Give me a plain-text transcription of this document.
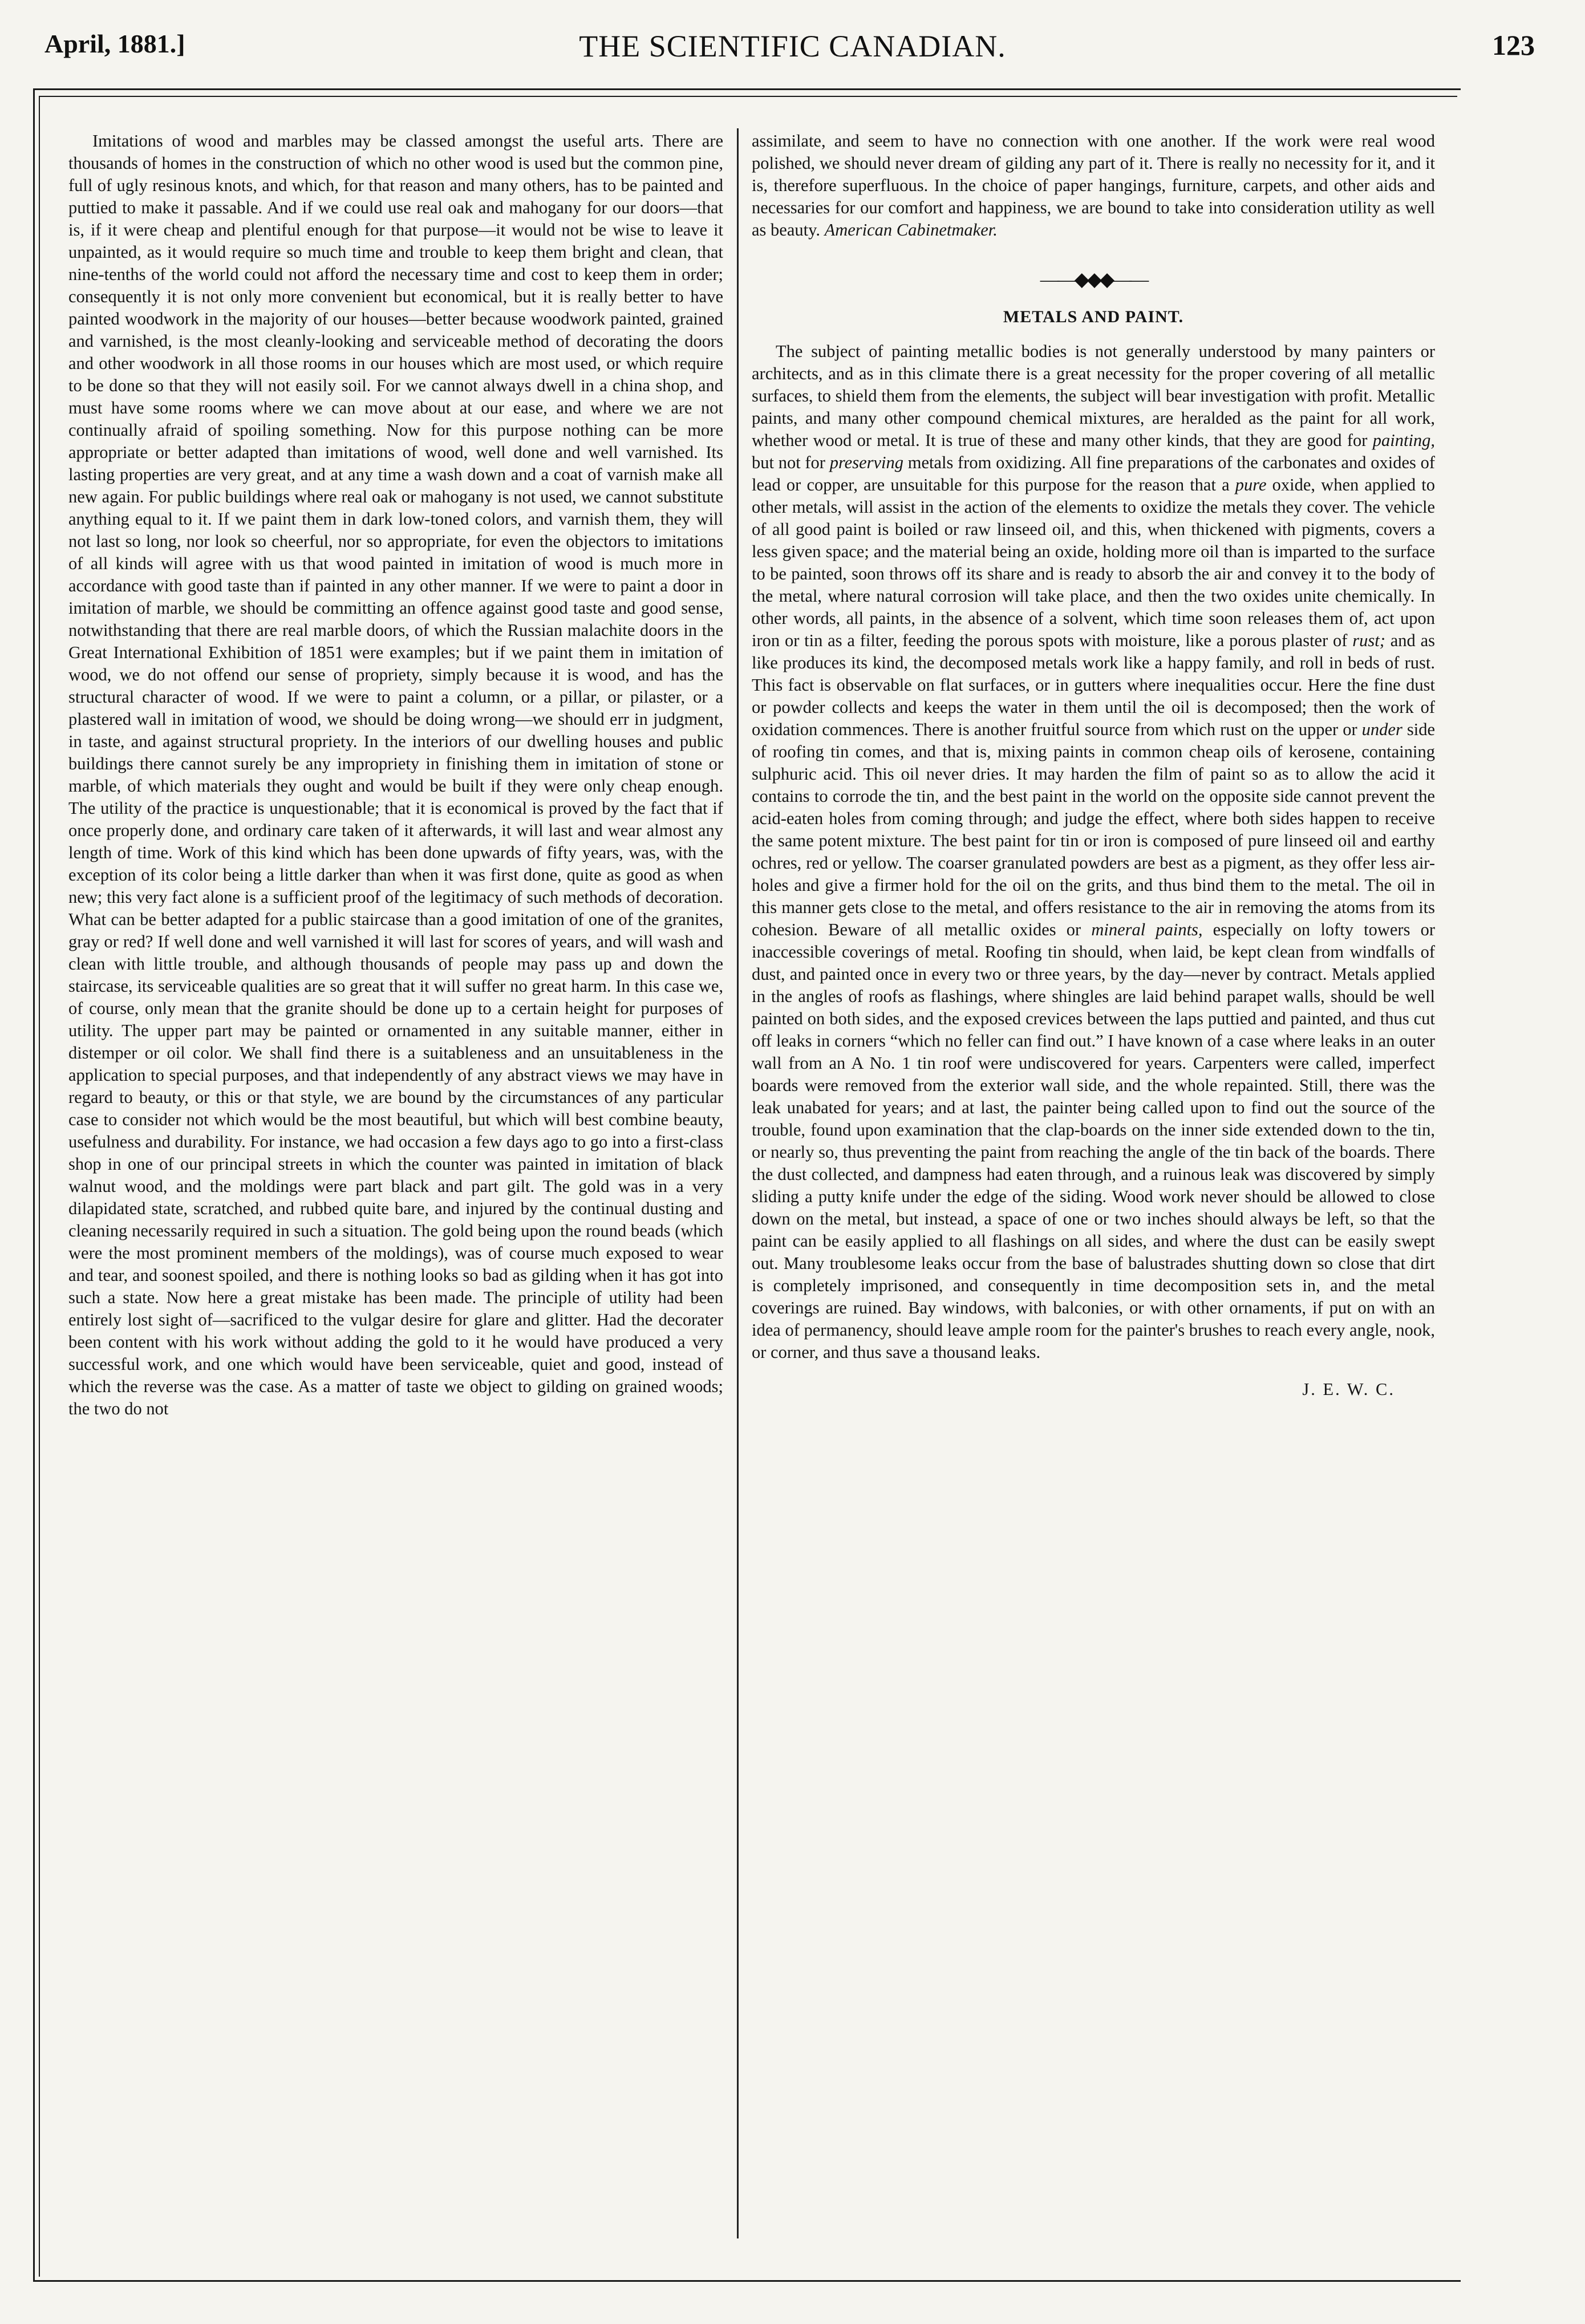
April, 1881.]	THE SCIENTIFIC CANADIAN.	123

Imitations of wood and marbles may be classed amongst the useful arts. There are thousands of homes in the construction of which no other wood is used but the common pine, full of ugly resinous knots, and which, for that reason and many others, has to be painted and puttied to make it passable. And if we could use real oak and mahogany for our doors—that is, if it were cheap and plentiful enough for that purpose—it would not be wise to leave it unpainted, as it would require so much time and trouble to keep them bright and clean, that nine-tenths of the world could not afford the necessary time and cost to keep them in order; consequently it is not only more convenient but economical, but it is really better to have painted woodwork in the majority of our houses—better because woodwork painted, grained and varnished, is the most cleanly-looking and serviceable method of decorating the doors and other woodwork in all those rooms in our houses which are most used, or which require to be done so that they will not easily soil. For we cannot always dwell in a china shop, and must have some rooms where we can move about at our ease, and where we are not continually afraid of spoiling something. Now for this purpose nothing can be more appropriate or better adapted than imitations of wood, well done and well varnished. Its lasting properties are very great, and at any time a wash down and a coat of varnish make all new again. For public buildings where real oak or mahogany is not used, we cannot substitute anything equal to it. If we paint them in dark low-toned colors, and varnish them, they will not last so long, nor look so cheerful, nor so appropriate, for even the objectors to imitations of all kinds will agree with us that wood painted in imitation of wood is much more in accordance with good taste than if painted in any other manner. If we were to paint a door in imitation of marble, we should be committing an offence against good taste and good sense, notwithstanding that there are real marble doors, of which the Russian malachite doors in the Great International Exhibition of 1851 were examples; but if we paint them in imitation of wood, we do not offend our sense of propriety, simply because it is wood, and has the structural character of wood. If we were to paint a column, or a pillar, or pilaster, or a plastered wall in imitation of wood, we should be doing wrong—we should err in judgment, in taste, and against structural propriety. In the interiors of our dwelling houses and public buildings there cannot surely be any impropriety in finishing them in imitation of stone or marble, of which materials they ought and would be built if they were only cheap enough. The utility of the practice is unquestionable; that it is economical is proved by the fact that if once properly done, and ordinary care taken of it afterwards, it will last and wear almost any length of time. Work of this kind which has been done upwards of fifty years, was, with the exception of its color being a little darker than when it was first done, quite as good as when new; this very fact alone is a sufficient proof of the legitimacy of such methods of decoration. What can be better adapted for a public staircase than a good imitation of one of the granites, gray or red? If well done and well varnished it will last for scores of years, and will wash and clean with little trouble, and although thousands of people may pass up and down the staircase, its serviceable qualities are so great that it will suffer no great harm. In this case we, of course, only mean that the granite should be done up to a certain height for purposes of utility. The upper part may be painted or ornamented in any suitable manner, either in distemper or oil color. We shall find there is a suitableness and an unsuitableness in the application to special purposes, and that independently of any abstract views we may have in regard to beauty, or this or that style, we are bound by the circumstances of any particular case to consider not which would be the most beautiful, but which will best combine beauty, usefulness and durability. For instance, we had occasion a few days ago to go into a first-class shop in one of our principal streets in which the counter was painted in imitation of black walnut wood, and the moldings were part black and part gilt. The gold was in a very dilapidated state, scratched, and rubbed quite bare, and injured by the continual dusting and cleaning necessarily required in such a situation. The gold being upon the round beads (which were the most prominent members of the moldings), was of course much exposed to wear and tear, and soonest spoiled, and there is nothing looks so bad as gilding when it has got into such a state. Now here a great mistake has been made. The principle of utility had been entirely lost sight of—sacrificed to the vulgar desire for glare and glitter. Had the decorater been content with his work without adding the gold to it he would have produced a very successful work, and one which would have been serviceable, quiet and good, instead of which the reverse was the case. As a matter of taste we object to gilding on grained woods; the two do not

assimilate, and seem to have no connection with one another. If the work were real wood polished, we should never dream of gilding any part of it. There is really no necessity for it, and it is, therefore superfluous. In the choice of paper hangings, furniture, carpets, and other aids and necessaries for our comfort and happiness, we are bound to take into consideration utility as well as beauty. American Cabinetmaker.

——◆◆◆——
METALS AND PAINT.

The subject of painting metallic bodies is not generally understood by many painters or architects, and as in this climate there is a great necessity for the proper covering of all metallic surfaces, to shield them from the elements, the subject will bear investigation with profit. Metallic paints, and many other compound chemical mixtures, are heralded as the paint for all work, whether wood or metal. It is true of these and many other kinds, that they are good for painting, but not for preserving metals from oxidizing. All fine preparations of the carbonates and oxides of lead or copper, are unsuitable for this purpose for the reason that a pure oxide, when applied to other metals, will assist in the action of the elements to oxidize the metals they cover. The vehicle of all good paint is boiled or raw linseed oil, and this, when thickened with pigments, covers a less given space; and the material being an oxide, holding more oil than is imparted to the surface to be painted, soon throws off its share and is ready to absorb the air and convey it to the body of the metal, where natural corrosion will take place, and then the two oxides unite chemically. In other words, all paints, in the absence of a solvent, which time soon releases them of, act upon iron or tin as a filter, feeding the porous spots with moisture, like a porous plaster of rust; and as like produces its kind, the decomposed metals work like a happy family, and roll in beds of rust. This fact is observable on flat surfaces, or in gutters where inequalities occur. Here the fine dust or powder collects and keeps the water in them until the oil is decomposed; then the work of oxidation commences. There is another fruitful source from which rust on the upper or under side of roofing tin comes, and that is, mixing paints in common cheap oils of kerosene, containing sulphuric acid. This oil never dries. It may harden the film of paint so as to allow the acid it contains to corrode the tin, and the best paint in the world on the opposite side cannot prevent the acid-eaten holes from coming through; and judge the effect, where both sides happen to receive the same potent mixture. The best paint for tin or iron is composed of pure linseed oil and earthy ochres, red or yellow. The coarser granulated powders are best as a pigment, as they offer less air-holes and give a firmer hold for the oil on the grits, and thus bind them to the metal. The oil in this manner gets close to the metal, and offers resistance to the air in removing the atoms from its cohesion. Beware of all metallic oxides or mineral paints, especially on lofty towers or inaccessible coverings of metal. Roofing tin should, when laid, be kept clean from windfalls of dust, and painted once in every two or three years, by the day—never by contract. Metals applied in the angles of roofs as flashings, where shingles are laid behind parapet walls, should be well painted on both sides, and the exposed crevices between the laps puttied and painted, and thus cut off leaks in corners “which no feller can find out.” I have known of a case where leaks in an outer wall from an A No. 1 tin roof were undiscovered for years. Carpenters were called, imperfect boards were removed from the exterior wall side, and the whole repainted. Still, there was the leak unabated for years; and at last, the painter being called upon to find out the source of the trouble, found upon examination that the clap-boards on the inner side extended down to the tin, or nearly so, thus preventing the paint from reaching the angle of the tin back of the boards. There the dust collected, and dampness had eaten through, and a ruinous leak was discovered by simply sliding a putty knife under the edge of the siding. Wood work never should be allowed to close down on the metal, but instead, a space of one or two inches should always be left, so that the paint can be easily applied to all flashings on all sides, and where the dust can be easily swept out. Many troublesome leaks occur from the base of balustrades shutting down so close that dirt is completely imprisoned, and consequently in time decomposition sets in, and the metal coverings are ruined. Bay windows, with balconies, or with other ornaments, if put on with an idea of permanency, should leave ample room for the painter's brushes to reach every angle, nook, or corner, and thus save a thousand leaks.

J. E. W. C.
